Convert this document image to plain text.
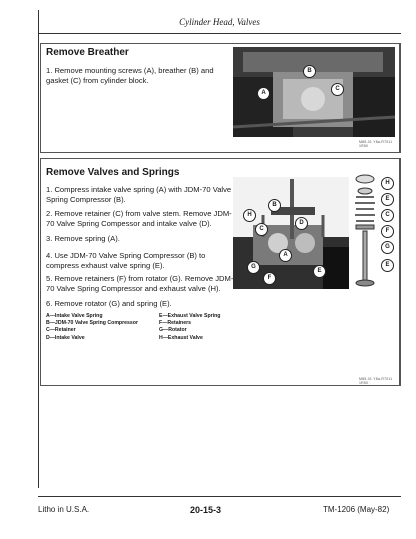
Cylinder Head, Valves
Remove Breather
1. Remove mounting screws (A), breather (B) and gasket (C) from cylinder block.
A
B
C
M85-01 Y8a-R7011 1R50
Remove Valves and Springs
1. Compress intake valve spring (A) with JDM-70 Valve Spring Compressor (B).
2. Remove retainer (C) from valve stem. Remove JDM-70 Valve Spring Compessor and intake valve (D).
3. Remove spring (A).
4. Use JDM-70 Valve Spring Compressor (B) to compress exhaust valve spring (E).
5. Remove retainers (F) from rotator (G). Remove JDM-70 Valve Spring Compressor and exhaust valve (H).
6. Remove rotator (G) and spring (E).
A—Intake Valve Spring
B—JDM-70 Valve Spring Compressor
C—Retainer
D—Intake Valve
E—Exhaust Valve Spring
F—Retainers
G—Rotator
H—Exhaust Valve
A
B
C
D
E
G
F
H
H
E
C
F
G
E
M85-01 Y8a-R7011 1R50
Litho in U.S.A.	20-15-3	TM-1206 (May-82)
